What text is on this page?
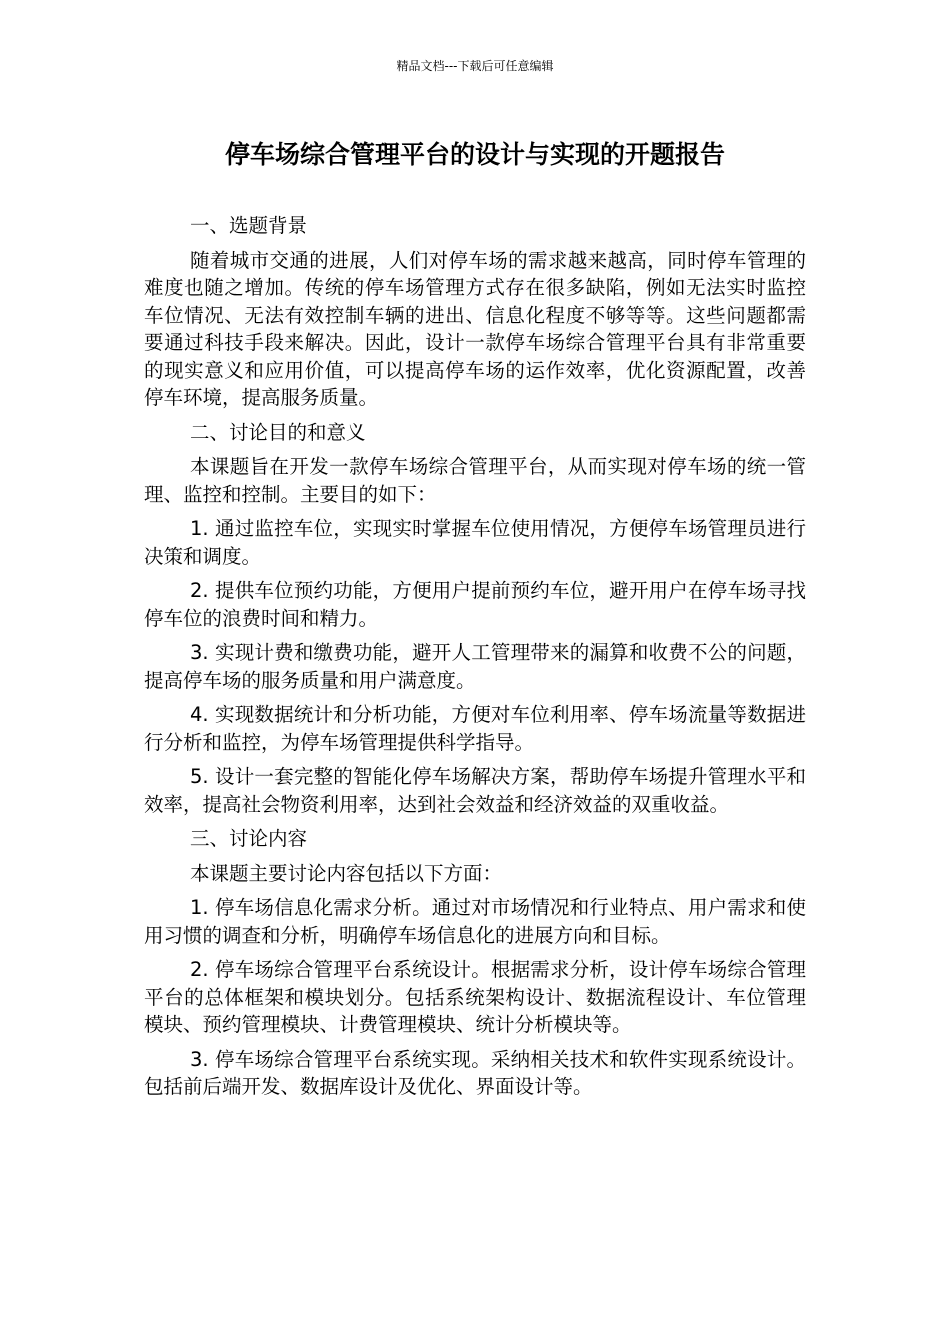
精品文档---下载后可任意编辑
停车场综合管理平台的设计与实现的开题报告

一、选题背景

随着城市交通的进展，人们对停车场的需求越来越高，同时停车管理的难度也随之增加。传统的停车场管理方式存在很多缺陷，例如无法实时监控车位情况、无法有效控制车辆的进出、信息化程度不够等等。这些问题都需要通过科技手段来解决。因此，设计一款停车场综合管理平台具有非常重要的现实意义和应用价值，可以提高停车场的运作效率，优化资源配置，改善停车环境，提高服务质量。

二、讨论目的和意义

本课题旨在开发一款停车场综合管理平台，从而实现对停车场的统一管理、监控和控制。主要目的如下：

1. 通过监控车位，实现实时掌握车位使用情况，方便停车场管理员进行决策和调度。

2. 提供车位预约功能，方便用户提前预约车位，避开用户在停车场寻找停车位的浪费时间和精力。

3. 实现计费和缴费功能，避开人工管理带来的漏算和收费不公的问题，提高停车场的服务质量和用户满意度。

4. 实现数据统计和分析功能，方便对车位利用率、停车场流量等数据进行分析和监控，为停车场管理提供科学指导。

5. 设计一套完整的智能化停车场解决方案，帮助停车场提升管理水平和效率，提高社会物资利用率，达到社会效益和经济效益的双重收益。

三、讨论内容

本课题主要讨论内容包括以下方面：

1. 停车场信息化需求分析。通过对市场情况和行业特点、用户需求和使用习惯的调查和分析，明确停车场信息化的进展方向和目标。

2. 停车场综合管理平台系统设计。根据需求分析，设计停车场综合管理平台的总体框架和模块划分。包括系统架构设计、数据流程设计、车位管理模块、预约管理模块、计费管理模块、统计分析模块等。

3. 停车场综合管理平台系统实现。采纳相关技术和软件实现系统设计。包括前后端开发、数据库设计及优化、界面设计等。
